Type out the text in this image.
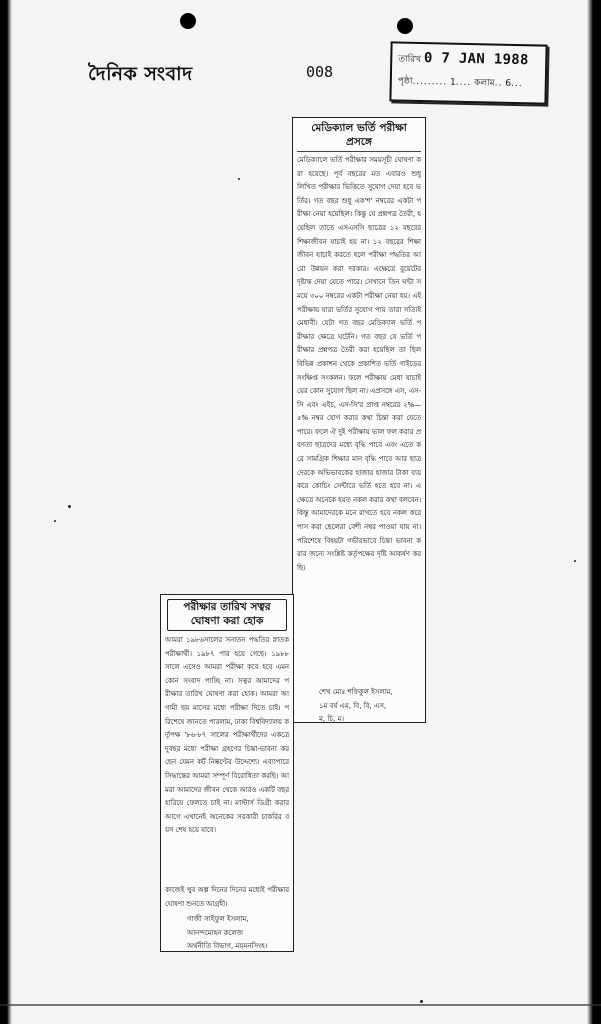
দৈনিক সংবাদ	008
তারিখ 0 7 JAN 1988
পৃষ্ঠা......... 1.... কলাম.. 6...
মেডিক্যাল ভর্তি পরীক্ষা প্রসঙ্গে
মেডিক্যালে ভর্তি পরীক্ষার সময়সূচী ঘোষণা করা হয়েছে। পূর্ব বছরের মত এবারও শুধু লিখিত পরীক্ষার ভিত্তিতে সুযোগ দেয়া হবে ভর্তির। গত বছর শুধু এক'শ' নম্বরের একটা পরীক্ষা নেয়া হয়েছিল। কিন্তু যে প্রশ্নপত্র তৈরী, হয়েছিল তাতে এসএসসি ছাত্রের ১২ বছরের শিক্ষাজীবন যাচাই হয় না। ১২ বছরের শিক্ষা জীবন যাচাই করতে হলে পরীক্ষা পদ্ধতির আরো উন্নয়ন করা দরকার। এক্ষেত্রে বুয়েটের দৃষ্টান্ত দেয়া যেতে পারে। সেখানে তিন ঘন্টা সময়ে ৩০০ নম্বরের একটা পরীক্ষা নেয়া হয়। এই পরীক্ষায় যারা ভর্তির সুযোগ পায় তারা সত্যিই মেধাবী। যেটা গত বছর মেডিক্যাল ভর্তি পরীক্ষার ক্ষেত্রে ঘটেনি। গত বছর যে ভর্তি পরীক্ষার প্রশ্নপত্র তৈরী করা হয়েছিল তা ছিল বিভিন্ন প্রকাশন থেকে প্রকাশিত ভর্তি গাইডের সংক্ষিপ্ত সংকলন। ফলে পরীক্ষায় মেধা যাচাইয়ের কোন সুযোগ ছিল না। এপ্রসঙ্গে এস, এস-সি এবং এইচ, এস-সি'র প্রাপ্ত নম্বরের ২%—৫% নম্বর যোগ করার কথা চিন্তা করা যেতে পারে। ফলে ঐ দুই পরীক্ষায় ভাল ফল করার প্রবণতা ছাত্রদের মধ্যে বৃদ্ধি পাবে এবং এতে করে সামগ্রিক শিক্ষার মান বৃদ্ধি পাবে আর ছাত্রদেরকে অভিভাবকের হাজার হাজার টাকা ব্যয় করে কোচিং সেন্টারে ভর্তি হতে হবে না। এক্ষেত্রে অনেকে হয়ত নকল করার কথা বলবেন। কিন্তু আমাদেরকে মনে রাখতে হবে নকল করে পাস করা ছেলেরা বেশী নম্বর পাওয়া যায় না। পরিশেষে বিষয়টা গভীরভাবে চিন্তা ভাবনা করার জন্যে সংশ্লিষ্ট কর্তৃপক্ষের দৃষ্টি আকর্ষণ করছি।
শেখ মোঃ শফিকুল ইসলাম,
১ম বর্ষ এম, বি, বি, এস,
ম, চি, ম।
পরীক্ষার তারিখ সত্বর ঘোষণা করা হোক
আমরা ১৯৮৬সালের সনাতন পদ্ধতির স্নাতক পরীক্ষার্থী। ১৯৮৭ পার হয়ে গেছে। ১৯৮৮ সালে এসেও আমরা পরীক্ষা কবে হবে এমন কোন সংবাদ পাচ্ছি না। সত্বর আমাদের পরীক্ষার তারিখ ঘোষণা করা হোক। আমরা আগামী ছয় মাসের মধ্যে পরীক্ষা দিতে চাই। পরিশেষে জানতে পারলাম, ঢাকা বিশ্ববিদ্যালয় কর্তৃপক্ষ '৮৬-৮৭ সালের পরীক্ষার্থীদের একত্রে দুবছর মধ্যে পরীক্ষা গ্রহণের চিন্তা-ভাবনা করছেন যেমন কর্ট নিষ্কণ্টের উদ্দেশ্যে। এব্যাপারে সিদ্ধান্তের আমরা সম্পূর্ণ বিরোধিতা করছি। আমরা আমাদের জীবন থেকে আরও একটি বছর হারিয়ে ফেলতে চাই না। মাস্টার্স ডিগ্রী করার আগে এখানেই অনেকের সরকারী চাকরির বয়স শেষ হয়ে যাবে।
কাজেই খুব অল্প দিনের দিনের মধ্যেই পরীক্ষার ঘোষণা শুনতে আগ্রহী।
গাজী সাইফুল ইসলাম,
আনন্দমোহন কলেজ
অর্থনীতি বিভাগ, ময়মনসিংহ।
